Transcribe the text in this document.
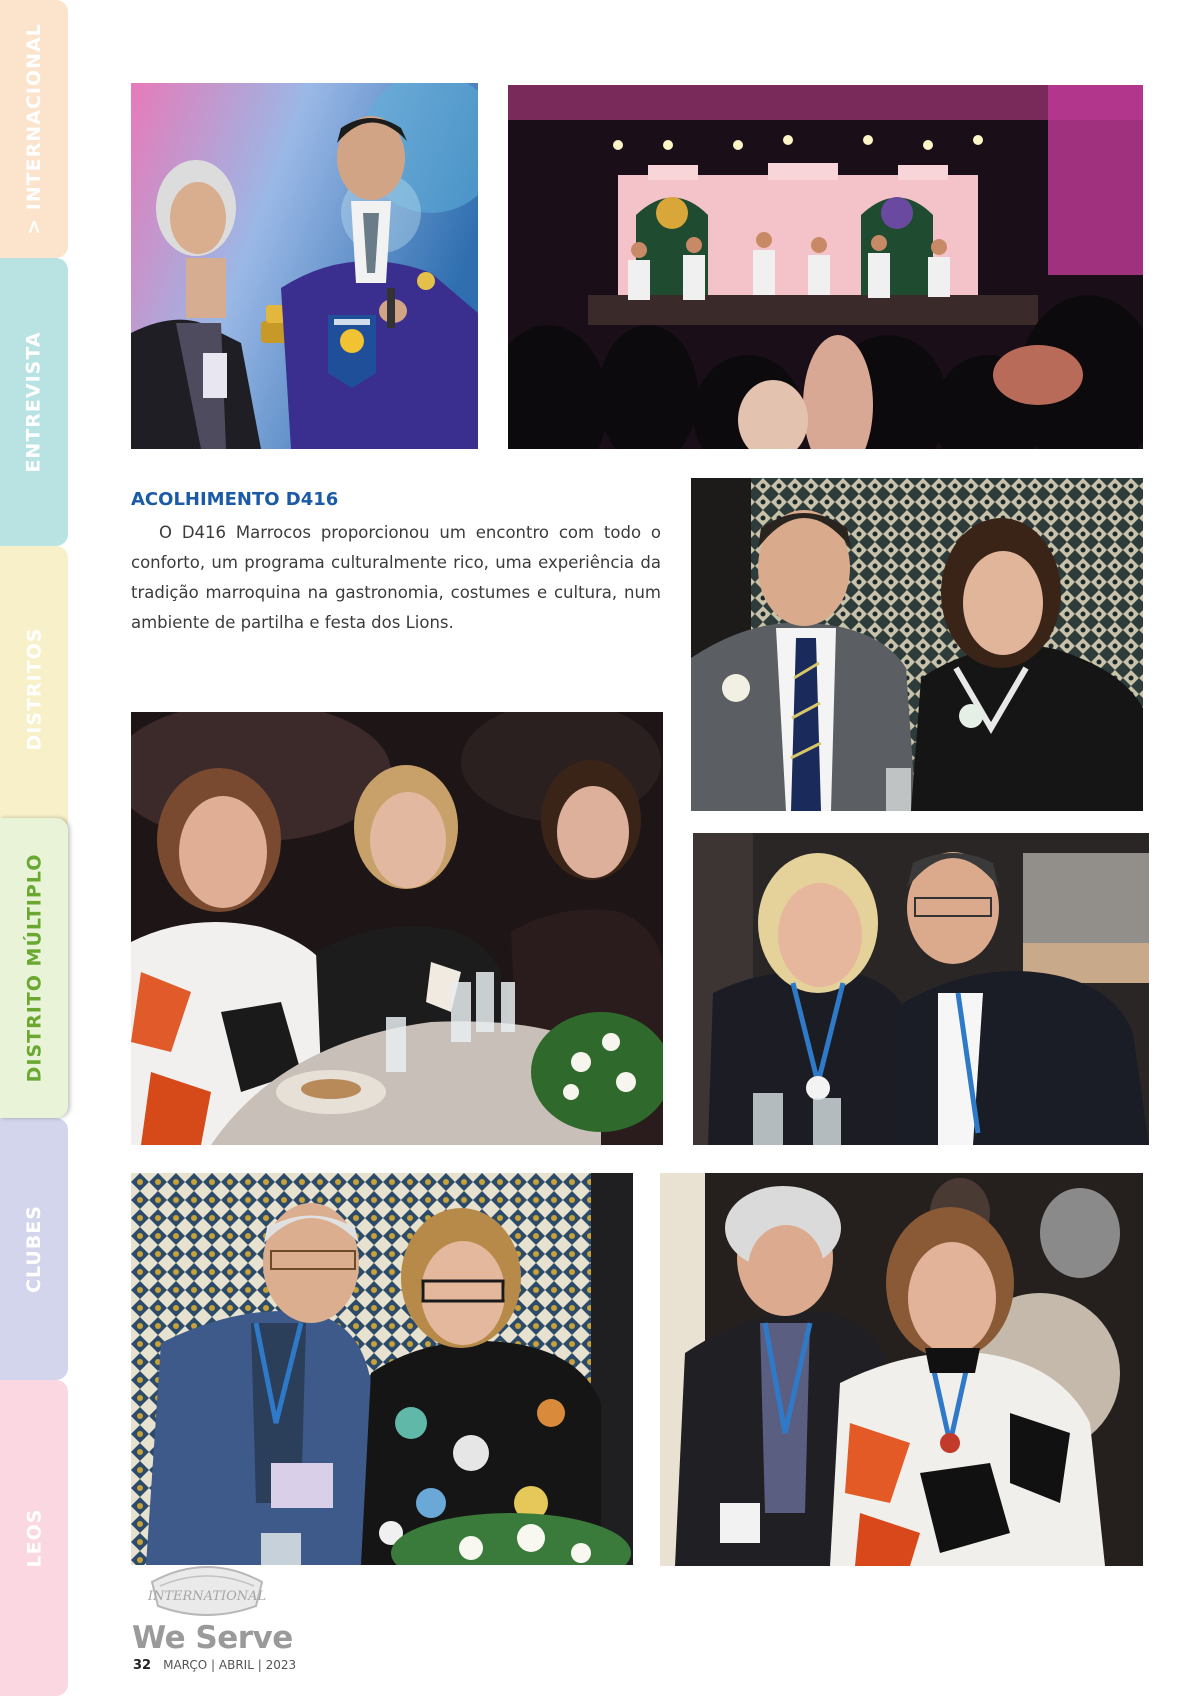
> INTERNACIONAL
ENTREVISTA
DISTRITOS
DISTRITO MÚLTIPLO
CLUBES
LEOS
ACOLHIMENTO D416

O D416 Marrocos proporcionou um encontro com todo o conforto, um programa culturalmente rico, uma experiência da tradição marroquina na gastronomia, costumes e cultura, num ambiente de partilha e festa dos Lions.

INTERNATIONAL

We Serve

32 MARÇO | ABRIL | 2023
